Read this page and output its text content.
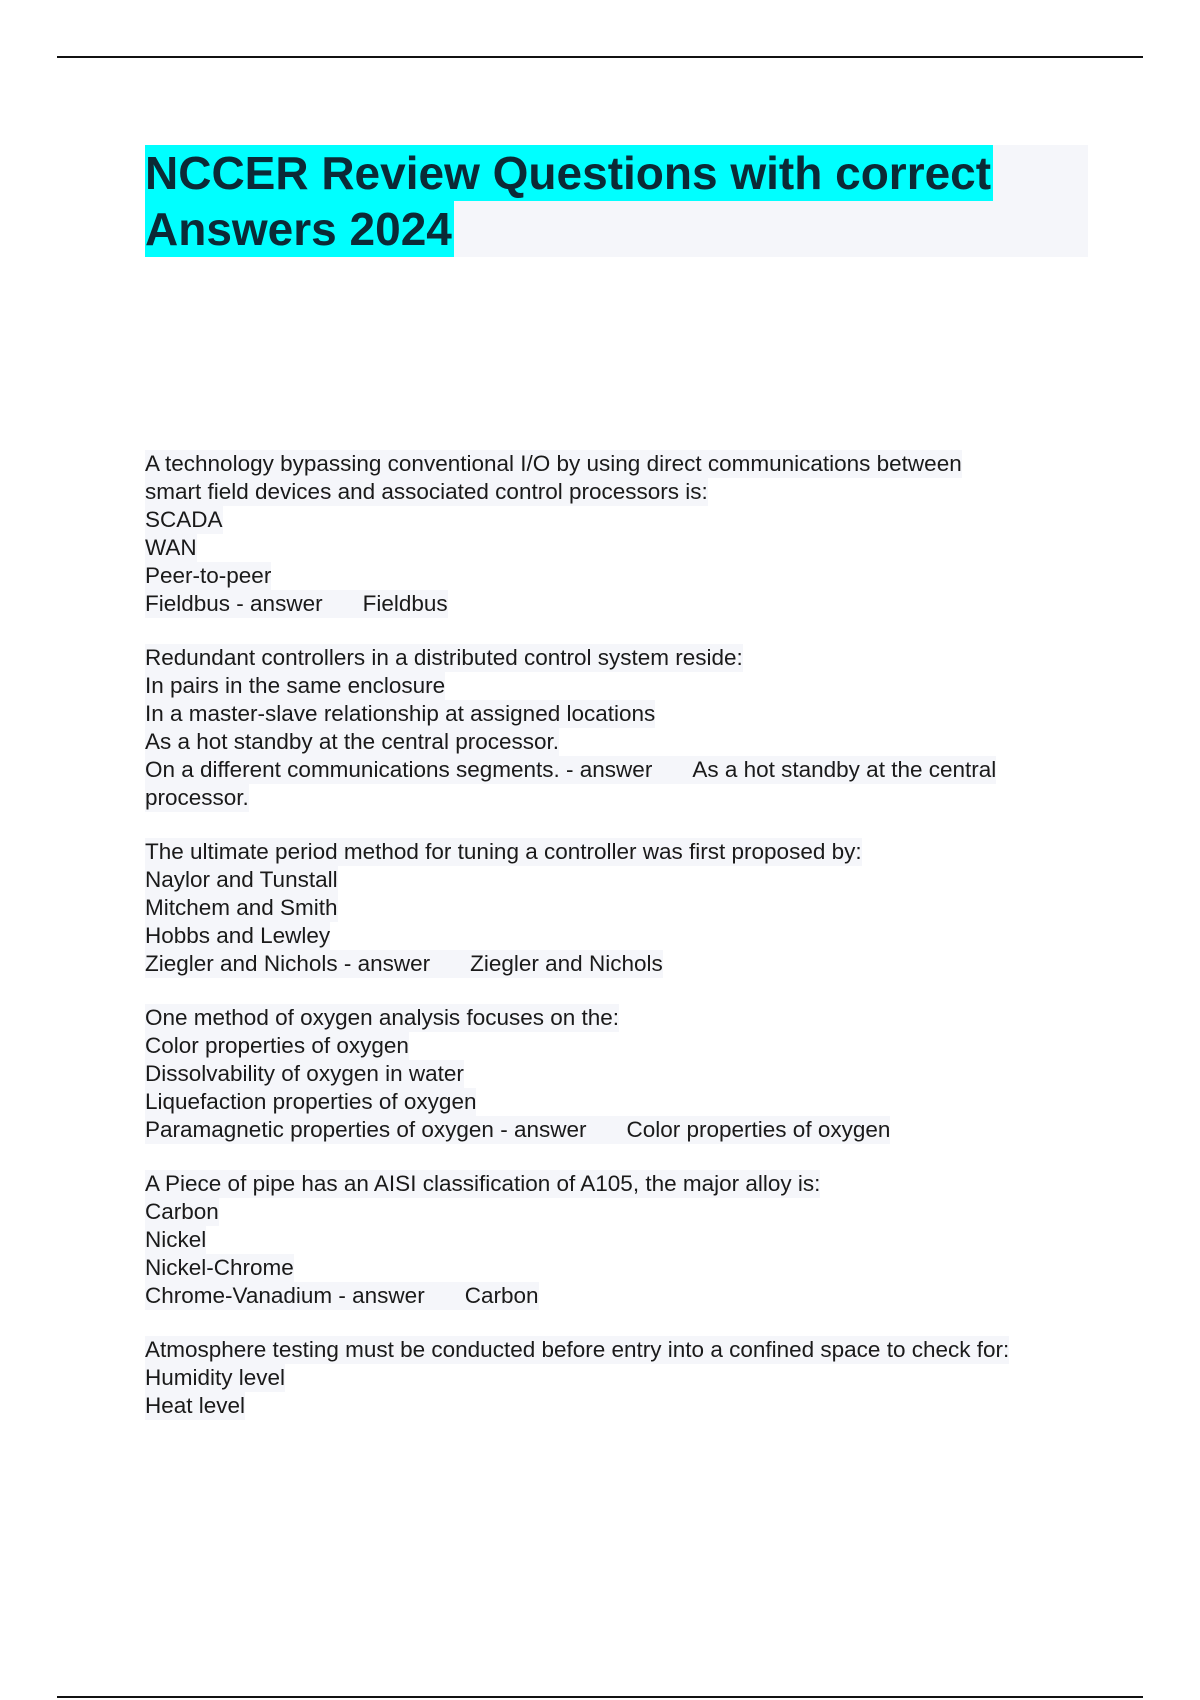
NCCER Review Questions with correct
Answers 2024
A technology bypassing conventional I/O by using direct communications between
smart field devices and associated control processors is:
SCADA
WAN
Peer-to-peer
Fieldbus - answer Fieldbus
Redundant controllers in a distributed control system reside:
In pairs in the same enclosure
In a master-slave relationship at assigned locations
As a hot standby at the central processor.
On a different communications segments. - answer As a hot standby at the central
processor.
The ultimate period method for tuning a controller was first proposed by:
Naylor and Tunstall
Mitchem and Smith
Hobbs and Lewley
Ziegler and Nichols - answer Ziegler and Nichols
One method of oxygen analysis focuses on the:
Color properties of oxygen
Dissolvability of oxygen in water
Liquefaction properties of oxygen
Paramagnetic properties of oxygen - answer Color properties of oxygen
A Piece of pipe has an AISI classification of A105, the major alloy is:
Carbon
Nickel
Nickel-Chrome
Chrome-Vanadium - answer Carbon
Atmosphere testing must be conducted before entry into a confined space to check for:
Humidity level
Heat level
